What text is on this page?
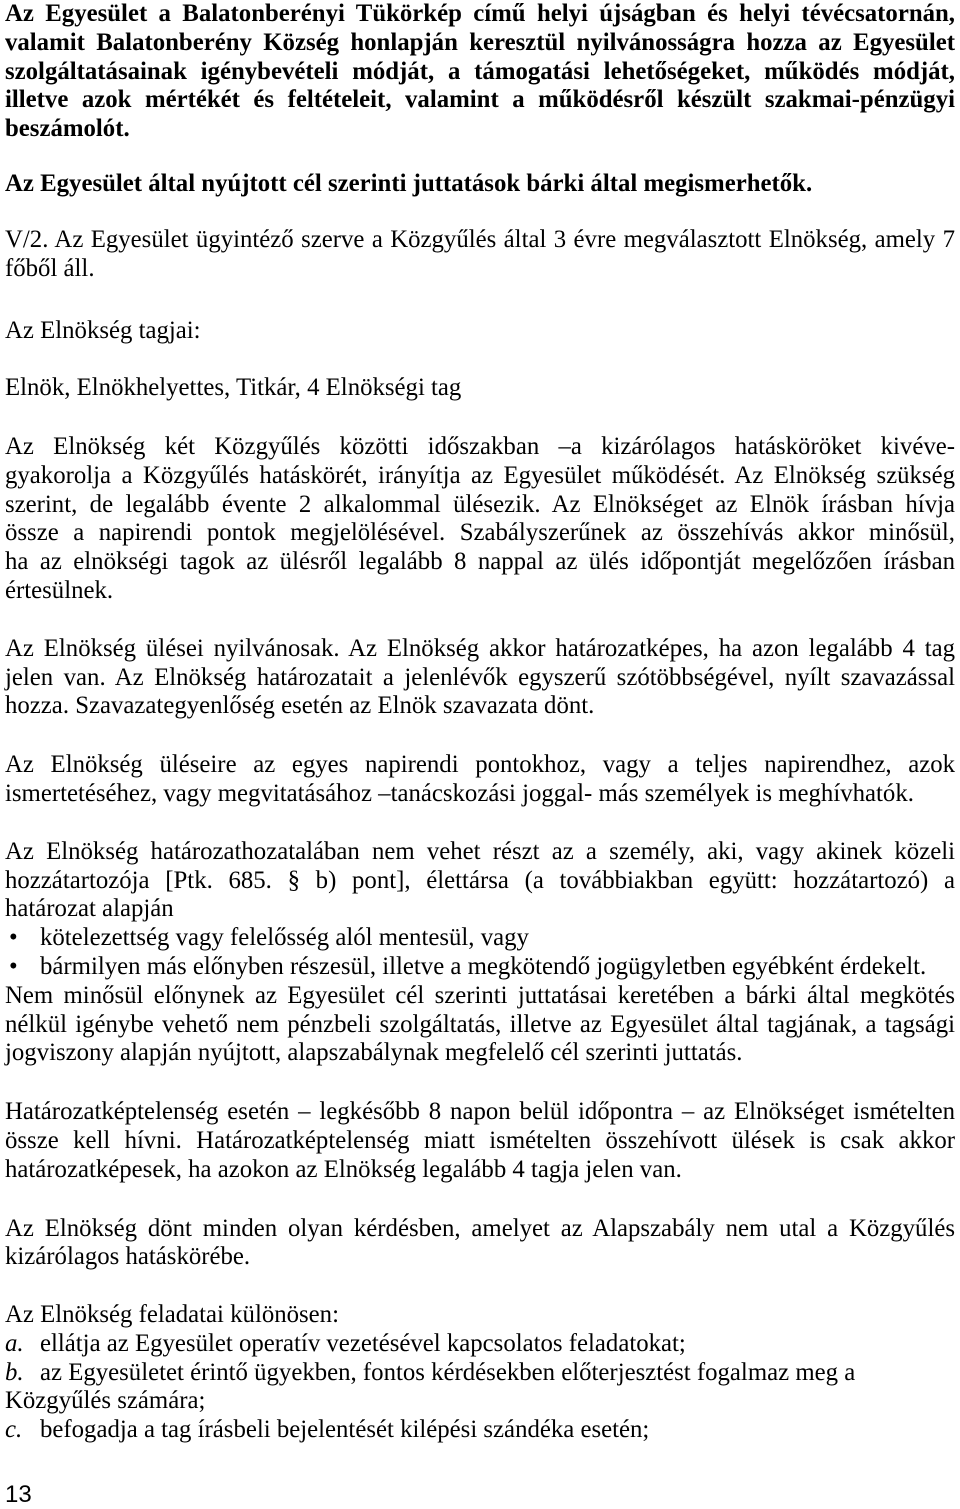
Az Egyesület a Balatonberényi Tükörkép című helyi újságban és helyi tévécsatornán,
valamit Balatonberény Község honlapján keresztül nyilvánosságra hozza az Egyesület
szolgáltatásainak igénybevételi módját, a támogatási lehetőségeket, működés módját,
illetve azok mértékét és feltételeit, valamint a működésről készült szakmai-pénzügyi
beszámolót.
Az Egyesület által nyújtott cél szerinti juttatások bárki által megismerhetők.
V/2. Az Egyesület ügyintéző szerve a Közgyűlés által 3 évre megválasztott Elnökség, amely 7
főből áll.
Az Elnökség tagjai:
Elnök, Elnökhelyettes, Titkár, 4 Elnökségi tag
Az Elnökség két Közgyűlés közötti időszakban –a kizárólagos hatásköröket kivéve-
gyakorolja a Közgyűlés hatáskörét, irányítja az Egyesület működését. Az Elnökség szükség
szerint, de legalább évente 2 alkalommal ülésezik. Az Elnökséget az Elnök írásban hívja
össze a napirendi pontok megjelölésével. Szabályszerűnek az összehívás akkor minősül,
ha az elnökségi tagok az ülésről legalább 8 nappal az ülés időpontját megelőzően írásban
értesülnek.
Az Elnökség ülései nyilvánosak. Az Elnökség akkor határozatképes, ha azon legalább 4 tag
jelen van. Az Elnökség határozatait a jelenlévők egyszerű szótöbbségével, nyílt szavazással
hozza. Szavazategyenlőség esetén az Elnök szavazata dönt.
Az Elnökség üléseire az egyes napirendi pontokhoz, vagy a teljes napirendhez, azok
ismertetéséhez, vagy megvitatásához –tanácskozási joggal- más személyek is meghívhatók.
Az Elnökség határozathozatalában nem vehet részt az a személy, aki, vagy akinek közeli
hozzátartozója [Ptk. 685. § b) pont], élettársa (a továbbiakban együtt: hozzátartozó) a
határozat alapján
• kötelezettség vagy felelősség alól mentesül, vagy
• bármilyen más előnyben részesül, illetve a megkötendő jogügyletben egyébként érdekelt.
Nem minősül előnynek az Egyesület cél szerinti juttatásai keretében a bárki által megkötés
nélkül igénybe vehető nem pénzbeli szolgáltatás, illetve az Egyesület által tagjának, a tagsági
jogviszony alapján nyújtott, alapszabálynak megfelelő cél szerinti juttatás.
Határozatképtelenség esetén – legkésőbb 8 napon belül időpontra – az Elnökséget ismételten
össze kell hívni. Határozatképtelenség miatt ismételten összehívott ülések is csak akkor
határozatképesek, ha azokon az Elnökség legalább 4 tagja jelen van.
Az Elnökség dönt minden olyan kérdésben, amelyet az Alapszabály nem utal a Közgyűlés
kizárólagos hatáskörébe.
Az Elnökség feladatai különösen:
a. ellátja az Egyesület operatív vezetésével kapcsolatos feladatokat;
b. az Egyesületet érintő ügyekben, fontos kérdésekben előterjesztést fogalmaz meg a
Közgyűlés számára;
c. befogadja a tag írásbeli bejelentését kilépési szándéka esetén;
13
